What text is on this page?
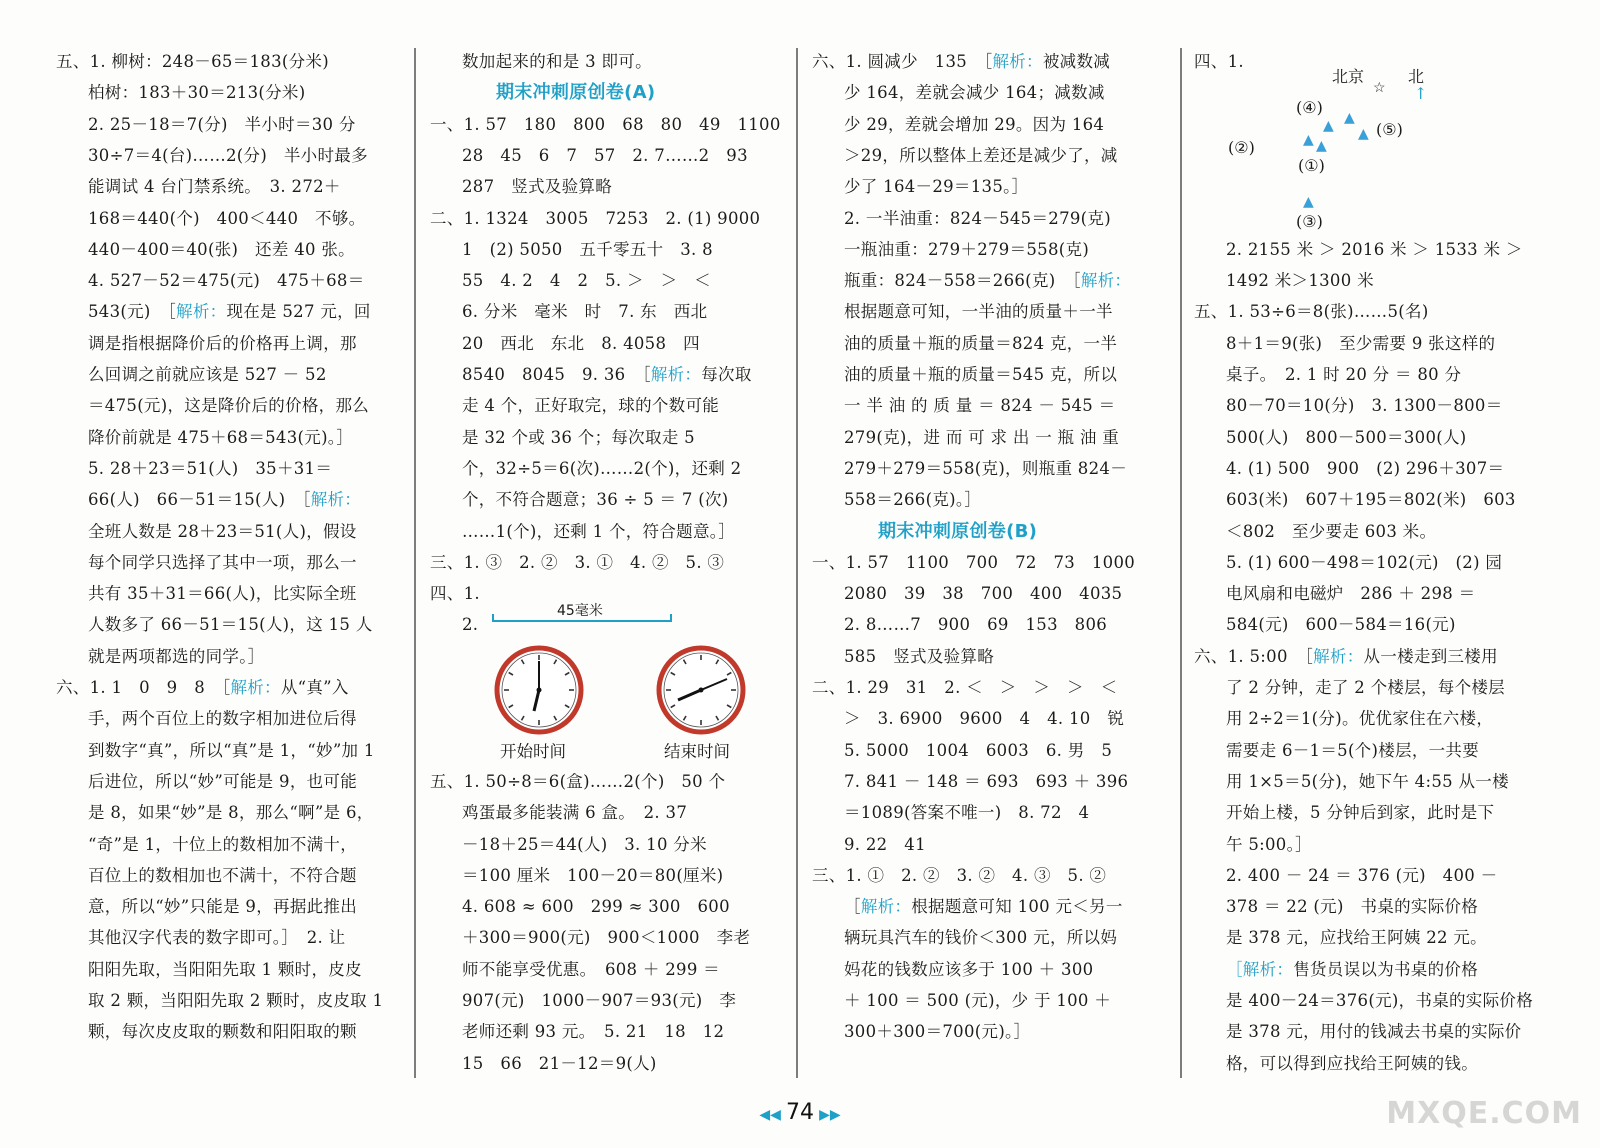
五、1. 柳树：248－65＝183(分米)
柏树：183＋30＝213(分米)
2. 25－18＝7(分)　半小时＝30 分
30÷7＝4(台)……2(分)　半小时最多
能调试 4 台门禁系统。　3. 272＋
168＝440(个)　400＜440　不够。
440－400＝40(张)　还差 40 张。
4. 527－52＝475(元)　475＋68＝
543(元)　［解析：现在是 527 元，回
调是指根据降价后的价格再上调，那
么回调之前就应该是 527 － 52
＝475(元)，这是降价后的价格，那么
降价前就是 475＋68＝543(元)。］
5. 28＋23＝51(人)　35＋31＝
66(人)　66－51＝15(人)　［解析：
全班人数是 28＋23＝51(人)，假设
每个同学只选择了其中一项，那么一
共有 35＋31＝66(人)，比实际全班
人数多了 66－51＝15(人)，这 15 人
就是两项都选的同学。］
六、1. 1　0　9　8　［解析：从“真”入
手，两个百位上的数字相加进位后得
到数字“真”，所以“真”是 1，“妙”加 1
后进位，所以“妙”可能是 9，也可能
是 8，如果“妙”是 8，那么“啊”是 6，
“奇”是 1，十位上的数相加不满十，
百位上的数相加也不满十，不符合题
意，所以“妙”只能是 9，再据此推出
其他汉字代表的数字即可。］　2. 让
阳阳先取，当阳阳先取 1 颗时，皮皮
取 2 颗，当阳阳先取 2 颗时，皮皮取 1
颗，每次皮皮取的颗数和阳阳取的颗
数加起来的和是 3 即可。
期末冲刺原创卷(A)
一、1. 57　180　800　68　80　49　1100
28　45　6　7　57　2. 7……2　93
287　竖式及验算略
二、1. 1324　3005　7253　2. (1) 9000
1　(2) 5050　五千零五十　3. 8
55　4. 2　4　2　5. ＞　＞　＜
6. 分米　毫米　时　7. 东　西北
20　西北　东北　8. 4058　四
8540　8045　9. 36　［解析：每次取
走 4 个，正好取完，球的个数可能
是 32 个或 36 个；每次取走 5
个，32÷5＝6(次)……2(个)，还剩 2
个，不符合题意；36 ÷ 5 ＝ 7 (次)
……1(个)，还剩 1 个，符合题意。］
三、1. ③　2. ②　3. ①　4. ②　5. ③
四、1.
2.
五、1. 50÷8＝6(盒)……2(个)　50 个
鸡蛋最多能装满 6 盒。　2. 37
－18＋25＝44(人)　3. 10 分米
＝100 厘米　100－20＝80(厘米)
4. 608 ≈ 600　299 ≈ 300　600
＋300＝900(元)　900＜1000　李老
师不能享受优惠。　608 ＋ 299 ＝
907(元)　1000－907＝93(元)　李
老师还剩 93 元。　5. 21　18　12
15　66　21－12＝9(人)
六、1. 圆减少　135　［解析：被减数减
少 164，差就会减少 164；减数减
少 29，差就会增加 29。因为 164
＞29，所以整体上差还是减少了，减
少了 164－29＝135。］
2. 一半油重：824－545＝279(克)
一瓶油重：279＋279＝558(克)
瓶重：824－558＝266(克)　［解析：
根据题意可知，一半油的质量＋一半
油的质量＋瓶的质量＝824 克，一半
油的质量＋瓶的质量＝545 克，所以
一 半 油 的 质 量 ＝ 824 － 545 ＝
279(克)，进 而 可 求 出 一 瓶 油 重
279＋279＝558(克)，则瓶重 824－
558＝266(克)。］
期末冲刺原创卷(B)
一、1. 57　1100　700　72　73　1000
2080　39　38　700　400　4035
2. 8……7　900　69　153　806
585　竖式及验算略
二、1. 29　31　2. ＜　＞　＞　＞　＜
＞　3. 6900　9600　4　4. 10　锐
5. 5000　1004　6003　6. 男　5
7. 841 － 148 ＝ 693　693 ＋ 396
＝1089(答案不唯一)　8. 72　4
9. 22　41
三、1. ①　2. ②　3. ②　4. ③　5. ②
［解析：根据题意可知 100 元＜另一
辆玩具汽车的钱价＜300 元，所以妈
妈花的钱数应该多于 100 ＋ 300
＋ 100 ＝ 500 (元)，少 于 100 ＋
300＋300＝700(元)。］
四、1.
2. 2155 米 ＞ 2016 米 ＞ 1533 米 ＞
1492 米＞1300 米
五、1. 53÷6＝8(张)……5(名)
8＋1＝9(张)　至少需要 9 张这样的
桌子。　2. 1 时 20 分 ＝ 80 分
80－70＝10(分)　3. 1300－800＝
500(人)　800－500＝300(人)
4. (1) 500　900　(2) 296＋307＝
603(米)　607＋195＝802(米)　603
＜802　至少要走 603 米。
5. (1) 600－498＝102(元)　(2) 园
电风扇和电磁炉　286 ＋ 298 ＝
584(元)　600－584＝16(元)
六、1. 5:00　［解析：从一楼走到三楼用
了 2 分钟，走了 2 个楼层，每个楼层
用 2÷2＝1(分)。优优家住在六楼，
需要走 6－1＝5(个)楼层，一共要
用 1×5＝5(分)，她下午 4:55 从一楼
开始上楼，5 分钟后到家，此时是下
午 5:00。］
2. 400 － 24 ＝ 376 (元)　400 －
378 ＝ 22 (元)　书桌的实际价格
是 378 元，应找给王阿姨 22 元。
［解析：售货员误以为书桌的价格
是 400－24＝376(元)，书桌的实际价格
是 378 元，用付的钱减去书桌的实际价
格，可以得到应找给王阿姨的钱。
45毫米
开始时间	结束时间
北京
☆
北
↑
(④)
▲ ▲
▲ (⑤)
▲ ▲
(②)
(①)
▲
(③)
◀◀ 74 ▶▶	MXQE.COM
